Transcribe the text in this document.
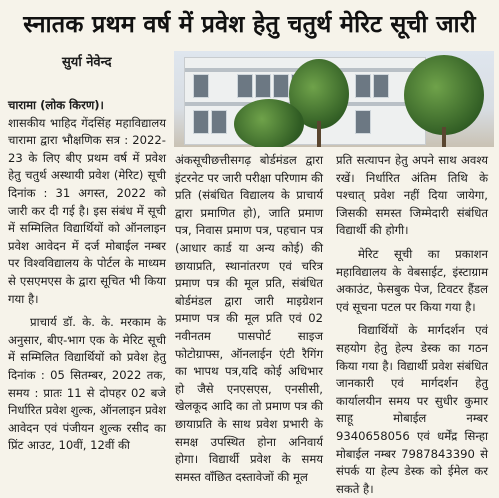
स्नातक प्रथम वर्ष में प्रवेश हेतु चतुर्थ मेरिट सूची जारी
सुर्या नेवेन्द

चारामा (लोक किरण)।

शासकीय भाहिद गेंदसिंह महाविद्यालय चारामा द्वारा भौक्षणिक सत्र : 2022-23 के लिए बीए प्रथम वर्ष में प्रवेश हेतु चतुर्थ अस्थायी प्रवेश (मेरिट) सूची दिनांक : 31 अगस्त, 2022 को जारी कर दी गई है। इस संबंध में सूची में सम्मिलित विद्यार्थियों को ऑनलाइन प्रवेश आवेदन में दर्ज मोबाईल नम्बर पर विश्वविद्यालय के पोर्टल के माध्यम से एसएमएस के द्वारा सूचित भी किया गया है।

प्राचार्य डॉ. के. के. मरकाम के अनुसार, बीए-भाग एक के मेरिट सूची में सम्मिलित विद्यार्थियों को प्रवेश हेतु दिनांक : 05 सितम्बर, 2022 तक, समय : प्रातः 11 से दोपहर 02 बजे निर्धारित प्रवेश शुल्क, ऑनलाइन प्रवेश आवेदन एवं पंजीयन शुल्क रसीद का प्रिंट आउट, 10वीं, 12वीं की

अंकसूचीछत्तीसगढ़ बोर्डमंडल द्वारा इंटरनेट पर जारी परीक्षा परिणाम की प्रति (संबंधित विद्यालय के प्राचार्य द्वारा प्रमाणित हो), जाति प्रमाण पत्र, निवास प्रमाण पत्र, पहचान पत्र (आधार कार्ड या अन्य कोई) की छायाप्रति, स्थानांतरण एवं चरित्र प्रमाण पत्र की मूल प्रति, संबंधित बोर्डमंडल द्वारा जारी माइग्रेशन प्रमाण पत्र की मूल प्रति एवं 02 नवीनतम पासपोर्ट साइज फोटोग्राफ्स, ऑनलाईन एंटी रैगिंग का भापथ पत्र,यदि कोई अधिभार हो जैसे एनएसएस, एनसीसी, खेलकूद आदि का तो प्रमाण पत्र की छायाप्रति के साथ प्रवेश प्रभारी के समक्ष उपस्थित होना अनिवार्य होगा। विद्यार्थी प्रवेश के समय समस्त वाँछित दस्तावेजों की मूल

प्रति सत्यापन हेतु अपने साथ अवश्य रखें। निर्धारित अंतिम तिथि के पश्चात् प्रवेश नहीं दिया जायेगा, जिसकी समस्त जिम्मेदारी संबंधित विद्यार्थी की होगी।

मेरिट सूची का प्रकाशन महाविद्यालय के वेबसाईट, इंस्टाग्राम अकाउंट, फेसबुक पेज, टिवटर हैंडल एवं सूचना पटल पर किया गया है।

विद्यार्थियों के मार्गदर्शन एवं सहयोग हेतु हेल्प डेस्क का गठन किया गया है। विद्यार्थी प्रवेश संबंधित जानकारी एवं मार्गदर्शन हेतु कार्यालयीन समय पर सुधीर कुमार साहू मोबाईल नम्बर 9340658056 एवं धर्मेंद्र सिन्हा मोबाईल नम्बर 7987843390 से संपर्क या हेल्प डेस्क को ईमेल कर सकते है।
